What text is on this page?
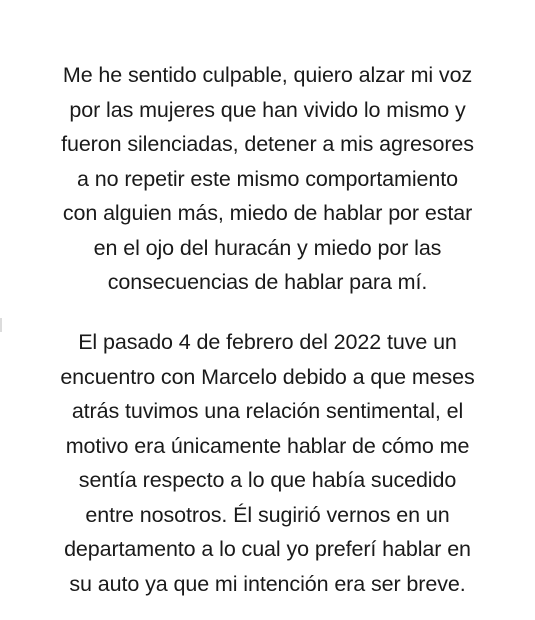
Me he sentido culpable, quiero alzar mi voz
por las mujeres que han vivido lo mismo y
fueron silenciadas, detener a mis agresores
a no repetir este mismo comportamiento
con alguien más, miedo de hablar por estar
en el ojo del huracán y miedo por las
consecuencias de hablar para mí.

El pasado 4 de febrero del 2022 tuve un
encuentro con Marcelo debido a que meses
atrás tuvimos una relación sentimental, el
motivo era únicamente hablar de cómo me
sentía respecto a lo que había sucedido
entre nosotros. Él sugirió vernos en un
departamento a lo cual yo preferí hablar en
su auto ya que mi intención era ser breve.
